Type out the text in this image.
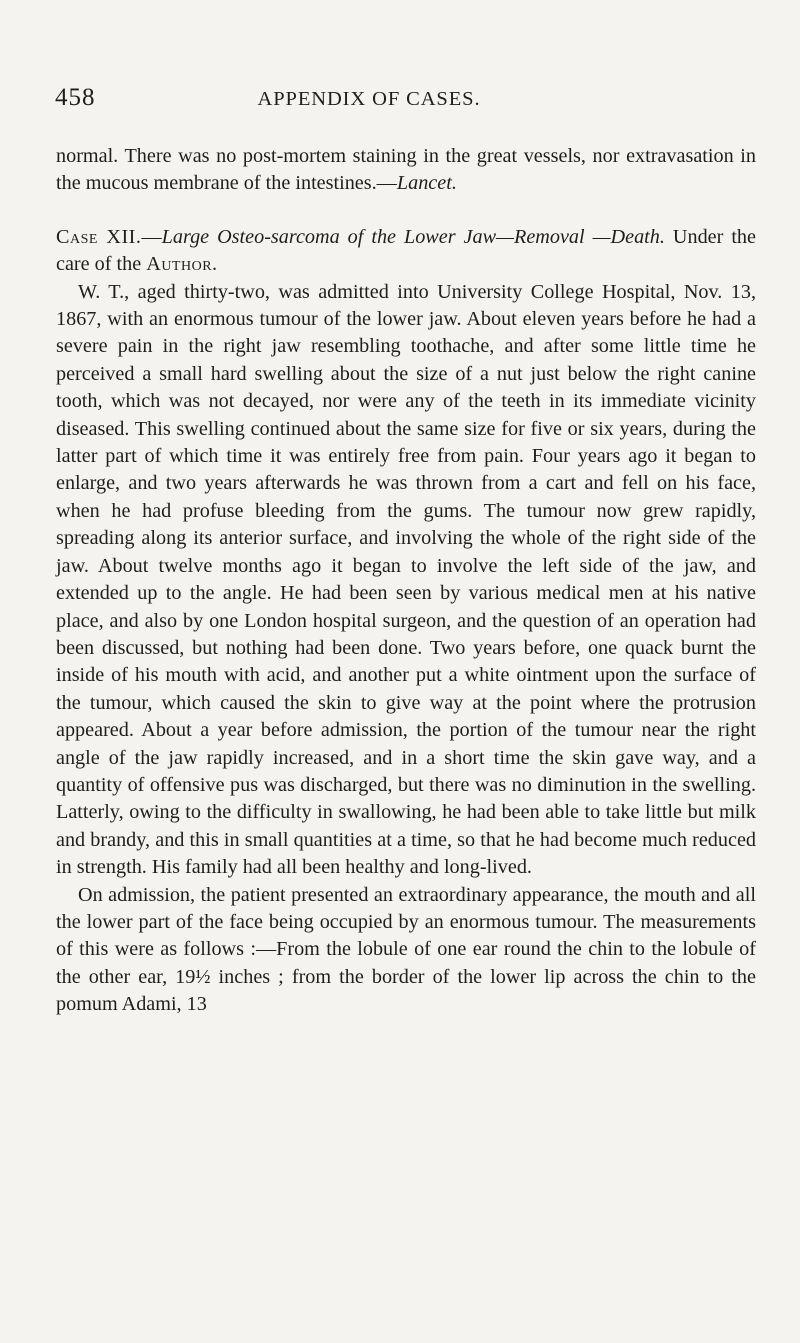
458	APPENDIX OF CASES.

normal. There was no post-mortem staining in the great vessels, nor extravasation in the mucous membrane of the intestines.—Lancet.

Case XII.—Large Osteo-sarcoma of the Lower Jaw—Removal —Death. Under the care of the Author.

W. T., aged thirty-two, was admitted into University College Hospital, Nov. 13, 1867, with an enormous tumour of the lower jaw. About eleven years before he had a severe pain in the right jaw resembling toothache, and after some little time he perceived a small hard swelling about the size of a nut just below the right canine tooth, which was not decayed, nor were any of the teeth in its immediate vicinity diseased. This swelling continued about the same size for five or six years, during the latter part of which time it was entirely free from pain. Four years ago it began to enlarge, and two years afterwards he was thrown from a cart and fell on his face, when he had profuse bleeding from the gums. The tumour now grew rapidly, spreading along its anterior surface, and involving the whole of the right side of the jaw. About twelve months ago it began to involve the left side of the jaw, and extended up to the angle. He had been seen by various medical men at his native place, and also by one London hospital surgeon, and the question of an operation had been discussed, but nothing had been done. Two years before, one quack burnt the inside of his mouth with acid, and another put a white ointment upon the surface of the tumour, which caused the skin to give way at the point where the protrusion appeared. About a year before admission, the portion of the tumour near the right angle of the jaw rapidly increased, and in a short time the skin gave way, and a quantity of offensive pus was discharged, but there was no diminution in the swelling. Latterly, owing to the difficulty in swallowing, he had been able to take little but milk and brandy, and this in small quantities at a time, so that he had become much reduced in strength. His family had all been healthy and long-lived.

On admission, the patient presented an extraordinary appearance, the mouth and all the lower part of the face being occupied by an enormous tumour. The measurements of this were as follows :—From the lobule of one ear round the chin to the lobule of the other ear, 19½ inches ; from the border of the lower lip across the chin to the pomum Adami, 13
